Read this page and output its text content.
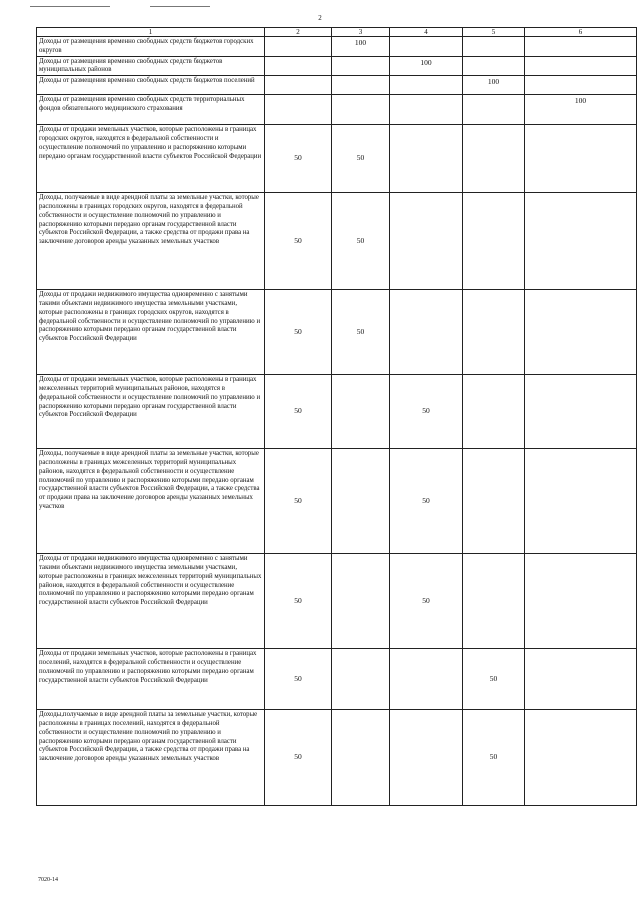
2
1	2	3	4	5	6
Доходы от размещения временно свободных средств бюджетов городских округов		100			
Доходы от размещения временно свободных средств бюджетов муниципальных районов			100		
Доходы от размещения временно свободных средств бюджетов поселений				100	
Доходы от размещения временно свободных средств территориальных фондов обязательного медицинского страхования					100
Доходы от продажи земельных участков, которые расположены в границах городских округов, находятся в федеральной собственности и осуществление полномочий по управлению и распоряжению которыми передано органам государственной власти субъектов Российской Федерации	50	50			
Доходы, получаемые в виде арендной платы за земельные участки, которые расположены в границах городских округов, находятся в федеральной собственности и осуществление полномочий по управлению и распоряжению которыми передано органам государственной власти субъектов Российской Федерации, а также средства от продажи права на заключение договоров аренды указанных земельных участков	50	50			
Доходы от продажи недвижимого имущества одновременно с занятыми такими объектами недвижимого имущества земельными участками, которые расположены в границах городских округов, находятся в федеральной собственности и осуществление полномочий по управлению и распоряжению которыми передано органам государственной власти субъектов Российской Федерации	50	50			
Доходы от продажи земельных участков, которые расположены в границах межселенных территорий муниципальных районов, находятся в федеральной собственности и осуществление полномочий по управлению и распоряжению которыми передано органам государственной власти субъектов Российской Федерации	50		50		
Доходы, получаемые в виде арендной платы за земельные участки, которые расположены в границах межселенных территорий муниципальных районов, находятся в федеральной собственности и осуществление полномочий по управлению и распоряжению которыми передано органам государственной власти субъектов Российской Федерации, а также средства от продажи права на заключение договоров аренды указанных земельных участков	50		50		
Доходы от продажи недвижимого имущества одновременно с занятыми такими объектами недвижимого имущества земельными участками, которые расположены в границах межселенных территорий муниципальных районов, находятся в федеральной собственности и осуществление полномочий по управлению и распоряжению которыми передано органам государственной власти субъектов Российской Федерации	50		50		
Доходы от продажи земельных участков, которые расположены в границах поселений, находятся в федеральной собственности и осуществление полномочий по управлению и распоряжению которыми передано органам государственной власти субъектов Российской Федерации	50			50	
Доходы,получаемые в виде арендной платы за земельные участки, которые расположены в границах поселений, находятся в федеральной собственности и осуществление полномочий по управлению и распоряжению которыми передано органам государственной власти субъектов Российской Федерации, а также средства от продажи права на заключение договоров аренды указанных земельных участков	50			50	
7020-14
